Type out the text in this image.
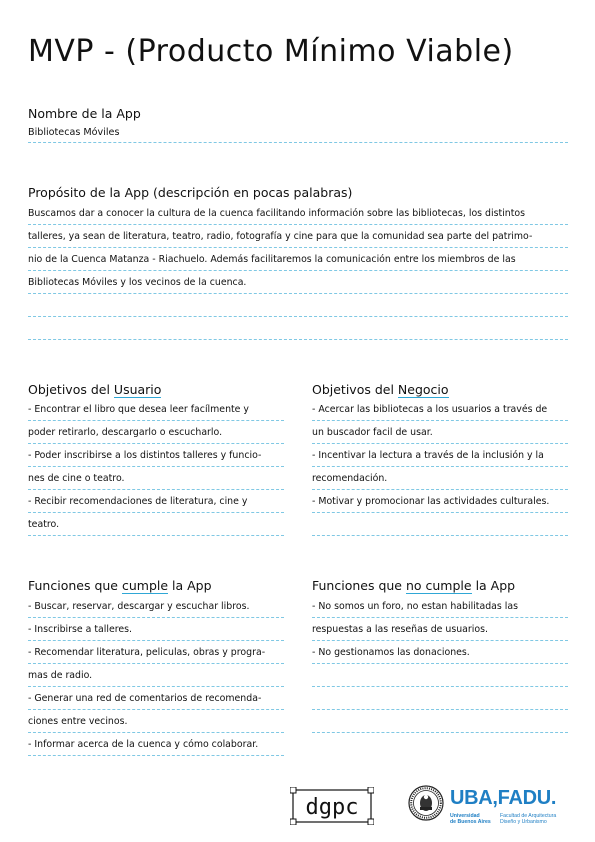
MVP - (Producto Mínimo Viable)
Nombre de la App
Bibliotecas Móviles
Propósito de la App (descripción en pocas palabras)
Buscamos dar a conocer la cultura de la cuenca facilitando información sobre las bibliotecas, los distintos
talleres, ya sean de literatura, teatro, radio, fotografía y cine para que la comunidad sea parte del patrimo-
nio de la Cuenca Matanza - Riachuelo. Además facilitaremos la comunicación entre los miembros de las
Bibliotecas Móviles y los vecinos de la cuenca.
Objetivos del Usuario
- Encontrar el libro que desea leer facílmente y
poder retirarlo, descargarlo o escucharlo.
- Poder inscribirse a los distintos talleres y funcio-
nes de cine o teatro.
- Recibir recomendaciones de literatura, cine y
teatro.
Objetivos del Negocio
- Acercar las bibliotecas a los usuarios a través de
un buscador facil de usar.
- Incentivar la lectura a través de la inclusión y la
recomendación.
- Motivar y promocionar las actividades culturales.
Funciones que cumple la App
- Buscar, reservar, descargar y escuchar libros.
- Inscribirse a talleres.
- Recomendar literatura, peliculas, obras y progra-
mas de radio.
- Generar una red de comentarios de recomenda-
ciones entre vecinos.
- Informar acerca de la cuenca y cómo colaborar.
Funciones que no cumple la App
- No somos un foro, no estan habilitadas las
respuestas a las reseñas de usuarios.
- No gestionamos las donaciones.
dgpc	UBA,FADU.
Universidad
de Buenos Aires
Facultad de Arquitectura
Diseño y Urbanismo
